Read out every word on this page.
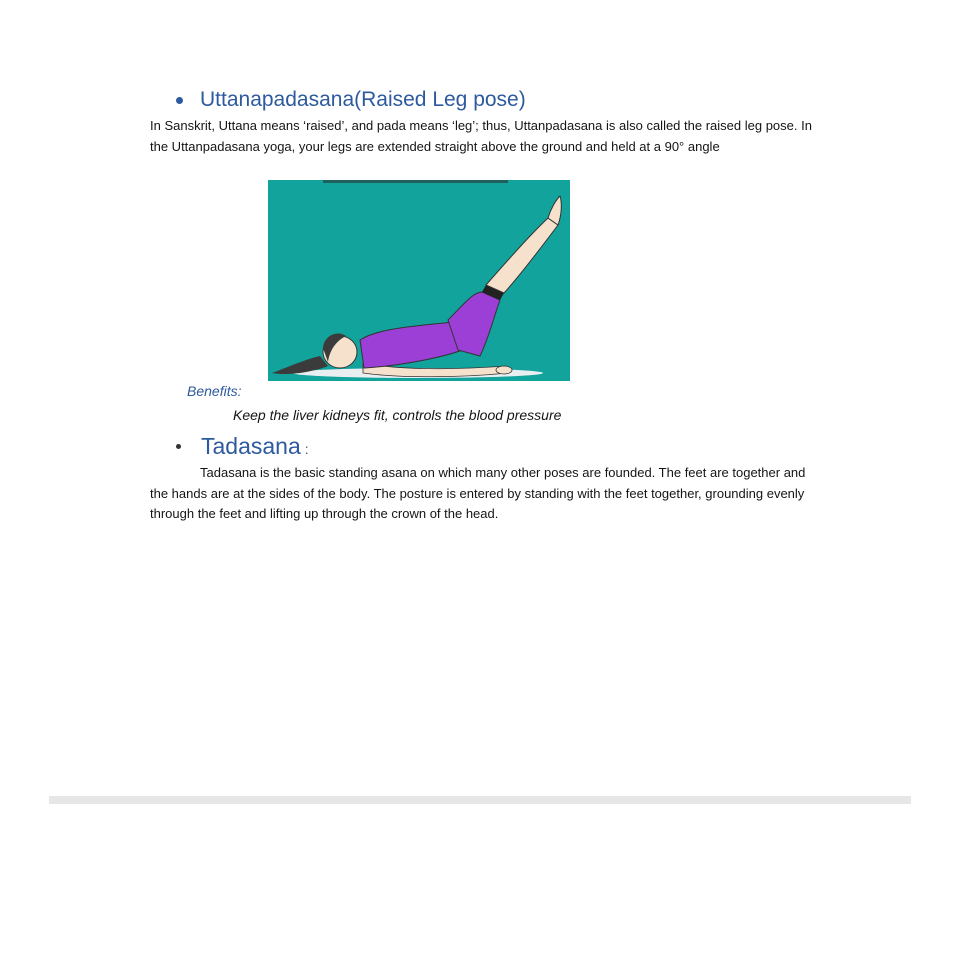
Uttanapadasana(Raised Leg pose)
In Sanskrit, Uttana means ‘raised’, and pada means ‘leg’; thus, Uttanpadasana is also called the raised leg pose. In the Uttanpadasana yoga, your legs are extended straight above the ground and held at a 90° angle
Benefits:
Keep the liver kidneys fit, controls the blood pressure
Tadasana :
Tadasana is the basic standing asana on which many other poses are founded. The feet are together and the hands are at the sides of the body. The posture is entered by standing with the feet together, grounding evenly through the feet and lifting up through the crown of the head.
